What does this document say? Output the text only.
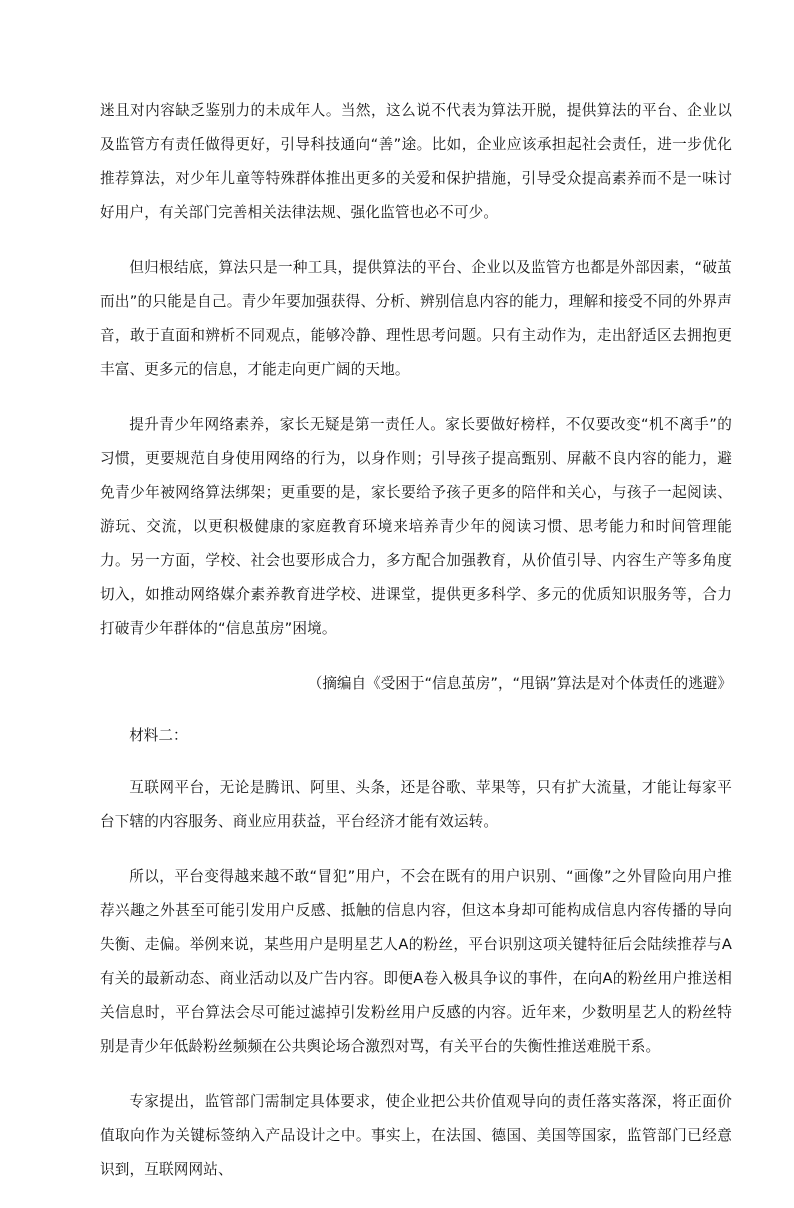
迷且对内容缺乏鉴别力的未成年人。当然，这么说不代表为算法开脱，提供算法的平台、企业以及监管方有责任做得更好，引导科技通向“善”途。比如，企业应该承担起社会责任，进一步优化推荐算法，对少年儿童等特殊群体推出更多的关爱和保护措施，引导受众提高素养而不是一味讨好用户，有关部门完善相关法律法规、强化监管也必不可少。

但归根结底，算法只是一种工具，提供算法的平台、企业以及监管方也都是外部因素，“破茧而出”的只能是自己。青少年要加强获得、分析、辨别信息内容的能力，理解和接受不同的外界声音，敢于直面和辨析不同观点，能够冷静、理性思考问题。只有主动作为，走出舒适区去拥抱更丰富、更多元的信息，才能走向更广阔的天地。

提升青少年网络素养，家长无疑是第一责任人。家长要做好榜样，不仅要改变“机不离手”的习惯，更要规范自身使用网络的行为，以身作则；引导孩子提高甄别、屏蔽不良内容的能力，避免青少年被网络算法绑架；更重要的是，家长要给予孩子更多的陪伴和关心，与孩子一起阅读、游玩、交流，以更积极健康的家庭教育环境来培养青少年的阅读习惯、思考能力和时间管理能力。另一方面，学校、社会也要形成合力，多方配合加强教育，从价值引导、内容生产等多角度切入，如推动网络媒介素养教育进学校、进课堂，提供更多科学、多元的优质知识服务等，合力打破青少年群体的“信息茧房”困境。

（摘编自《受困于“信息茧房”，“甩锅”算法是对个体责任的逃避》

材料二：

互联网平台，无论是腾讯、阿里、头条，还是谷歌、苹果等，只有扩大流量，才能让每家平台下辖的内容服务、商业应用获益，平台经济才能有效运转。

所以，平台变得越来越不敢“冒犯”用户，不会在既有的用户识别、“画像”之外冒险向用户推荐兴趣之外甚至可能引发用户反感、抵触的信息内容，但这本身却可能构成信息内容传播的导向失衡、走偏。举例来说，某些用户是明星艺人A的粉丝，平台识别这项关键特征后会陆续推荐与A有关的最新动态、商业活动以及广告内容。即便A卷入极具争议的事件，在向A的粉丝用户推送相关信息时，平台算法会尽可能过滤掉引发粉丝用户反感的内容。近年来，少数明星艺人的粉丝特别是青少年低龄粉丝频频在公共舆论场合激烈对骂，有关平台的失衡性推送难脱干系。

专家提出，监管部门需制定具体要求，使企业把公共价值观导向的责任落实落深，将正面价值取向作为关键标签纳入产品设计之中。事实上，在法国、德国、美国等国家，监管部门已经意识到，互联网网站、
